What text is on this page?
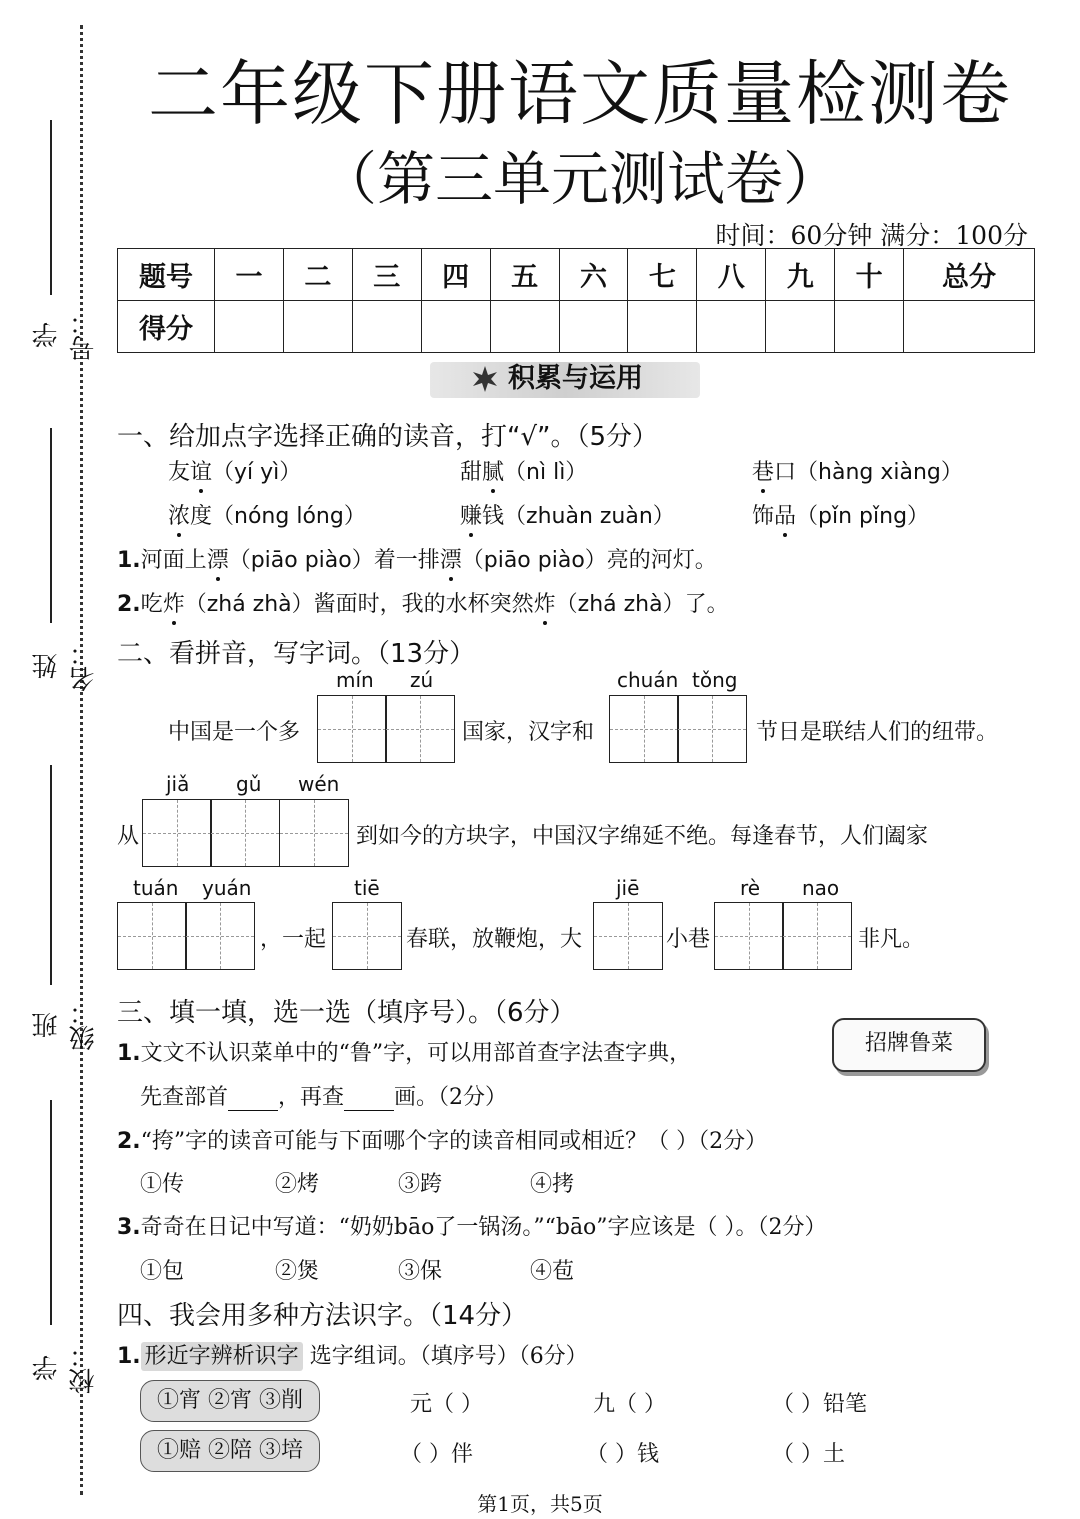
学号：
姓名：
班级：
学校：
二年级下册语文质量检测卷
（第三单元测试卷）
时间：60分钟 满分：100分
题号	一	二	三	四	五	六	七	八	九	十	总分
得分											
积累与运用
一、给加点字选择正确的读音，打“√”。（5分）
友谊（yí yì）	甜腻（nì lì）	巷口（hàng xiàng）
浓度（nóng lóng）	赚钱（zhuàn zuàn）	饰品（pǐn pǐng）
1.河面上漂（piāo piào）着一排漂（piāo piào）亮的河灯。
2.吃炸（zhá zhà）酱面时，我的水杯突然炸（zhá zhà）了。
二、看拼音，写字词。（13分）
mín zú	chuán tǒng
中国是一个多	国家，汉字和	节日是联结人们的纽带。
jiǎ gǔ wén
从	到如今的方块字，中国汉字绵延不绝。每逢春节，人们阖家
tuán yuán	tiē	jiē	rè nao
，一起	春联，放鞭炮，大	小巷	非凡。
三、填一填，选一选（填序号）。（6分）
招牌鲁菜
1.文文不认识菜单中的“鲁”字，可以用部首查字法查字典，
先查部首 ，再查 画。（2分）
2.“挎”字的读音可能与下面哪个字的读音相同或相近？（ ）（2分）
①传	②烤	③跨	④拷
3.奇奇在日记中写道：“奶奶bāo了一锅汤。”“bāo”字应该是（ ）。（2分）
①包	②煲	③保	④苞
四、我会用多种方法识字。（14分）
1. 形近字辨析识字 选字组词。（填序号）（6分）
①宵 ②宵 ③削	元（ ）	九（ ）	（ ）铅笔
①赔 ②陪 ③培	（ ）伴	（ ）钱	（ ）土
第1页，共5页
